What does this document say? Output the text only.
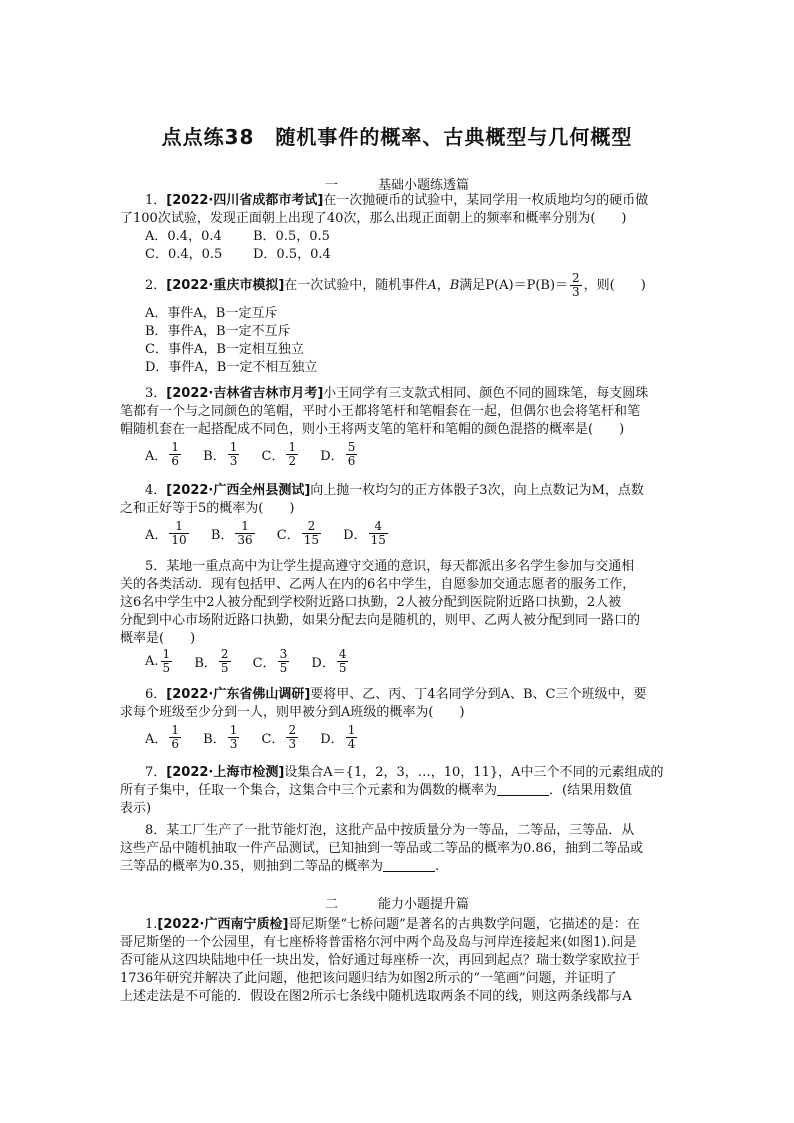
点点练38　随机事件的概率、古典概型与几何概型
一	基础小题练透篇
1．[2022·四川省成都市考试]在一次抛硬币的试验中，某同学用一枚质地均匀的硬币做
了100次试验，发现正面朝上出现了40次，那么出现正面朝上的频率和概率分别为(　　)
A．0.4，0.4 B．0.5，0.5
C．0.4，0.5 D．0.5，0.4
2．[2022·重庆市模拟]在一次试验中，随机事件A，B满足$P(A)=P(B)= \frac{2}{3}$ ，则(　　)
A．事件A，B一定互斥
B．事件A，B一定不互斥
C．事件A，B一定相互独立
D．事件A，B一定不相互独立
3．[2022·吉林省吉林市月考]小王同学有三支款式相同、颜色不同的圆珠笔，每支圆珠
笔都有一个与之同颜色的笔帽，平时小王都将笔杆和笔帽套在一起，但偶尔也会将笔杆和笔
帽随机套在一起搭配成不同色，则小王将两支笔的笔杆和笔帽的颜色混搭的概率是(　　)
A． $\frac{1}{6}$ B． $\frac{1}{3}$ C． $\frac{1}{2}$ D． $\frac{5}{6}$
4．[2022·广西全州县测试]向上抛一枚均匀的正方体骰子3次，向上点数记为M，点数
之和正好等于5的概率为(　　)
A． $\frac{1}{10}$ B． $\frac{1}{36}$ C． $\frac{2}{15}$ D． $\frac{4}{15}$
5．某地一重点高中为让学生提高遵守交通的意识，每天都派出多名学生参加与交通相
关的各类活动．现有包括甲、乙两人在内的6名中学生，自愿参加交通志愿者的服务工作，
这6名中学生中2人被分配到学校附近路口执勤，2人被分配到医院附近路口执勤，2人被
分配到中心市场附近路口执勤，如果分配去向是随机的，则甲、乙两人被分配到同一路口的
概率是(　　)
A. $\frac{1}{5}$ B． $\frac{2}{5}$ C． $\frac{3}{5}$ D． $\frac{4}{5}$
6．[2022·广东省佛山调研]要将甲、乙、丙、丁4名同学分到A、B、C三个班级中，要
求每个班级至少分到一人，则甲被分到A班级的概率为(　　)
A． $\frac{1}{6}$ B． $\frac{1}{3}$ C． $\frac{2}{3}$ D． $\frac{1}{4}$
7．[2022·上海市检测]设集合A＝{1，2，3，…，10，11}，A中三个不同的元素组成的
所有子集中，任取一个集合，这集合中三个元素和为偶数的概率为	．(结果用数值
表示)
8．某工厂生产了一批节能灯泡，这批产品中按质量分为一等品，二等品，三等品．从
这些产品中随机抽取一件产品测试，已知抽到一等品或二等品的概率为0.86，抽到二等品或
三等品的概率为0.35，则抽到二等品的概率为	.
二	能力小题提升篇
1.[2022·广西南宁质检]哥尼斯堡“七桥问题”是著名的古典数学问题，它描述的是：在
哥尼斯堡的一个公园里，有七座桥将普雷格尔河中两个岛及岛与河岸连接起来(如图1).问是
否可能从这四块陆地中任一块出发，恰好通过每座桥一次，再回到起点？瑞士数学家欧拉于
1736年研究并解决了此问题，他把该问题归结为如图2所示的“一笔画”问题，并证明了
上述走法是不可能的．假设在图2所示七条线中随机选取两条不同的线，则这两条线都与A
